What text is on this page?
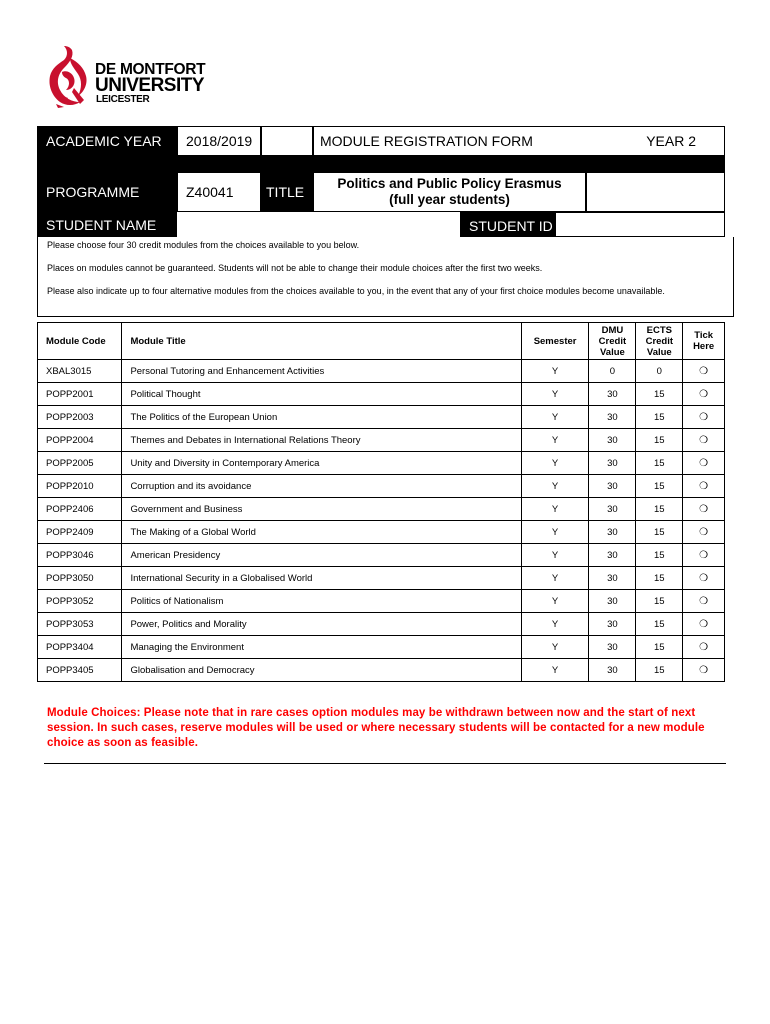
DE MONTFORT
UNIVERSITY
LEICESTER
ACADEMIC YEAR	2018/2019	MODULE REGISTRATION FORM	YEAR 2
PROGRAMME	Z40041	TITLE
Politics and Public Policy Erasmus
(full year students)
STUDENT NAME	STUDENT ID

Please choose four 30 credit modules from the choices available to you below.

Places on modules cannot be guaranteed. Students will not be able to change their module choices after the first two weeks.

Please also indicate up to four alternative modules from the choices available to you, in the event that any of your first choice modules become unavailable.

Module Code	Module Title	Semester	DMU
Credit
Value	ECTS
Credit
Value	Tick
Here
XBAL3015	Personal Tutoring and Enhancement Activities	Y	0	0	❍
POPP2001	Political Thought	Y	30	15	❍
POPP2003	The Politics of the European Union	Y	30	15	❍
POPP2004	Themes and Debates in International Relations Theory	Y	30	15	❍
POPP2005	Unity and Diversity in Contemporary America	Y	30	15	❍
POPP2010	Corruption and its avoidance	Y	30	15	❍
POPP2406	Government and Business	Y	30	15	❍
POPP2409	The Making of a Global World	Y	30	15	❍
POPP3046	American Presidency	Y	30	15	❍
POPP3050	International Security in a Globalised World	Y	30	15	❍
POPP3052	Politics of Nationalism	Y	30	15	❍
POPP3053	Power, Politics and Morality	Y	30	15	❍
POPP3404	Managing the Environment	Y	30	15	❍
POPP3405	Globalisation and Democracy	Y	30	15	❍
Module Choices: Please note that in rare cases option modules may be withdrawn between now and the start of next session. In such cases, reserve modules will be used or where necessary students will be contacted for a new module choice as soon as feasible.
